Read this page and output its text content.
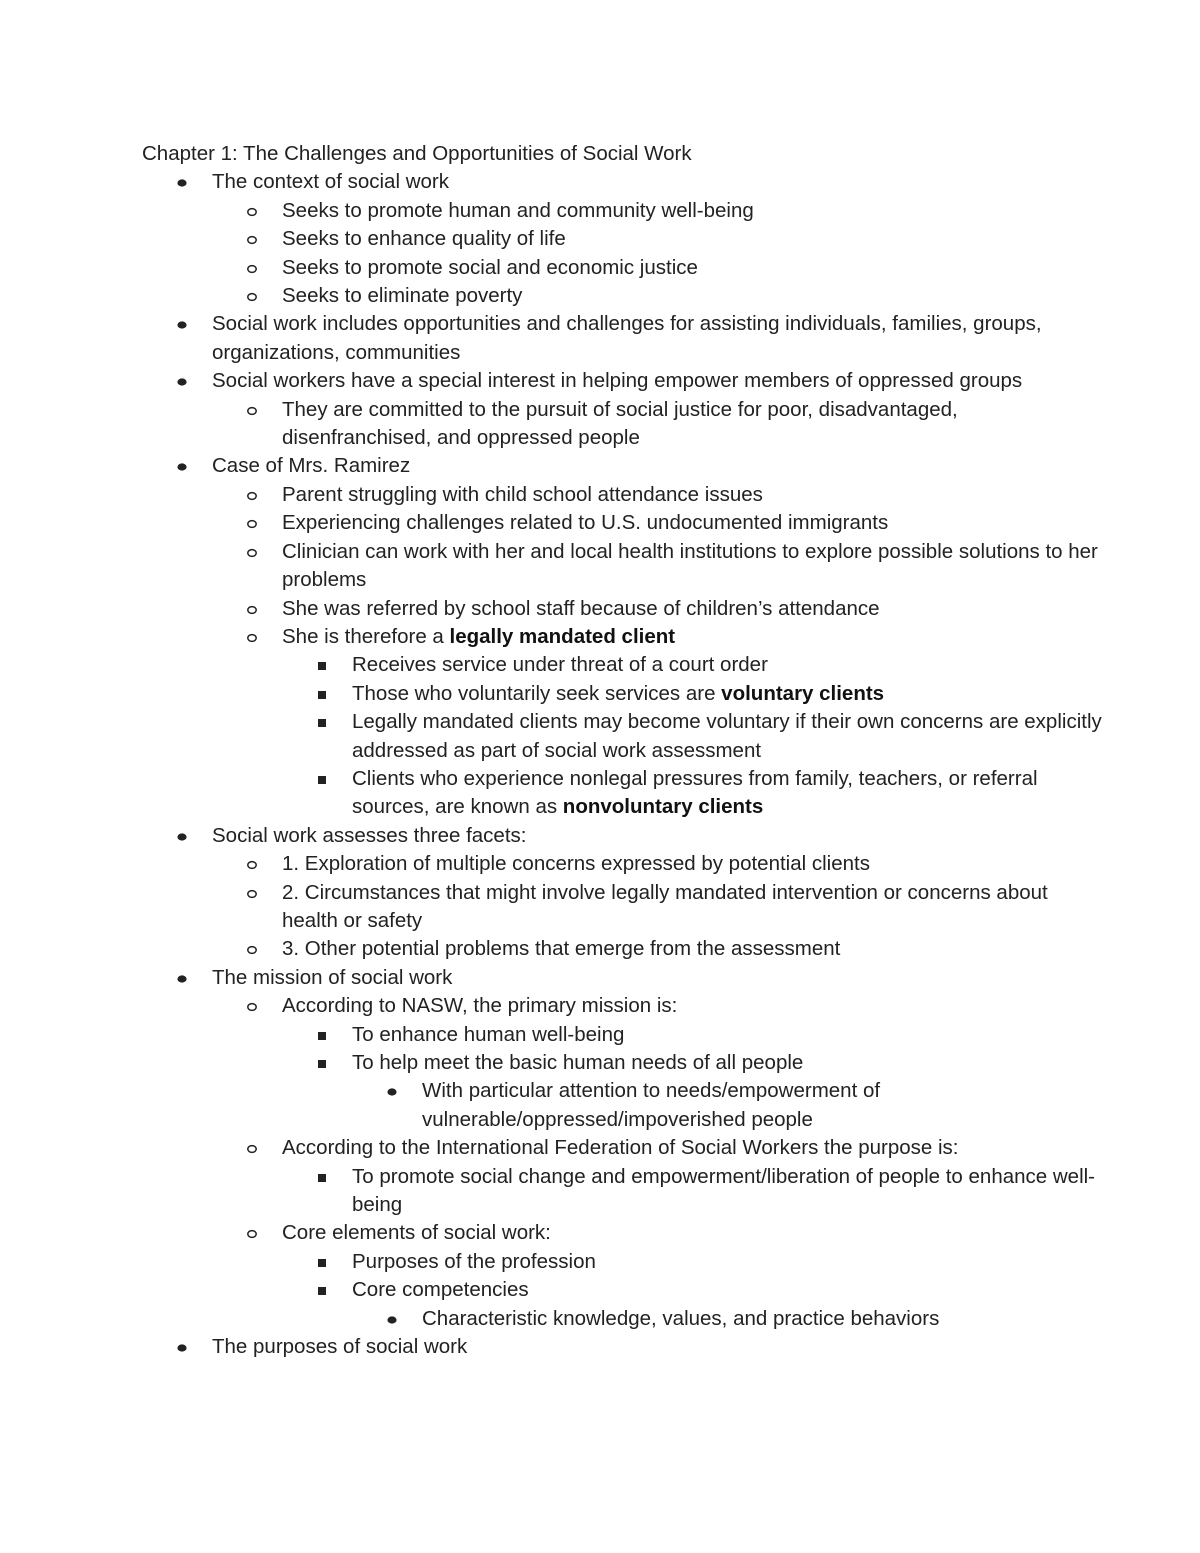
Chapter 1: The Challenges and Opportunities of Social Work

The context of social work
Seeks to promote human and community well-being
Seeks to enhance quality of life
Seeks to promote social and economic justice
Seeks to eliminate poverty
Social work includes opportunities and challenges for assisting individuals, families, groups, organizations, communities
Social workers have a special interest in helping empower members of oppressed groups
They are committed to the pursuit of social justice for poor, disadvantaged, disenfranchised, and oppressed people
Case of Mrs. Ramirez
Parent struggling with child school attendance issues
Experiencing challenges related to U.S. undocumented immigrants
Clinician can work with her and local health institutions to explore possible solutions to her problems
She was referred by school staff because of children’s attendance
She is therefore a legally mandated client
Receives service under threat of a court order
Those who voluntarily seek services are voluntary clients
Legally mandated clients may become voluntary if their own concerns are explicitly addressed as part of social work assessment
Clients who experience nonlegal pressures from family, teachers, or referral sources, are known as nonvoluntary clients
Social work assesses three facets:
1. Exploration of multiple concerns expressed by potential clients
2. Circumstances that might involve legally mandated intervention or concerns about health or safety
3. Other potential problems that emerge from the assessment
The mission of social work
According to NASW, the primary mission is:
To enhance human well-being
To help meet the basic human needs of all people
With particular attention to needs/empowerment of vulnerable/oppressed/impoverished people
According to the International Federation of Social Workers the purpose is:
To promote social change and empowerment/liberation of people to enhance well-being
Core elements of social work:
Purposes of the profession
Core competencies
Characteristic knowledge, values, and practice behaviors
The purposes of social work
